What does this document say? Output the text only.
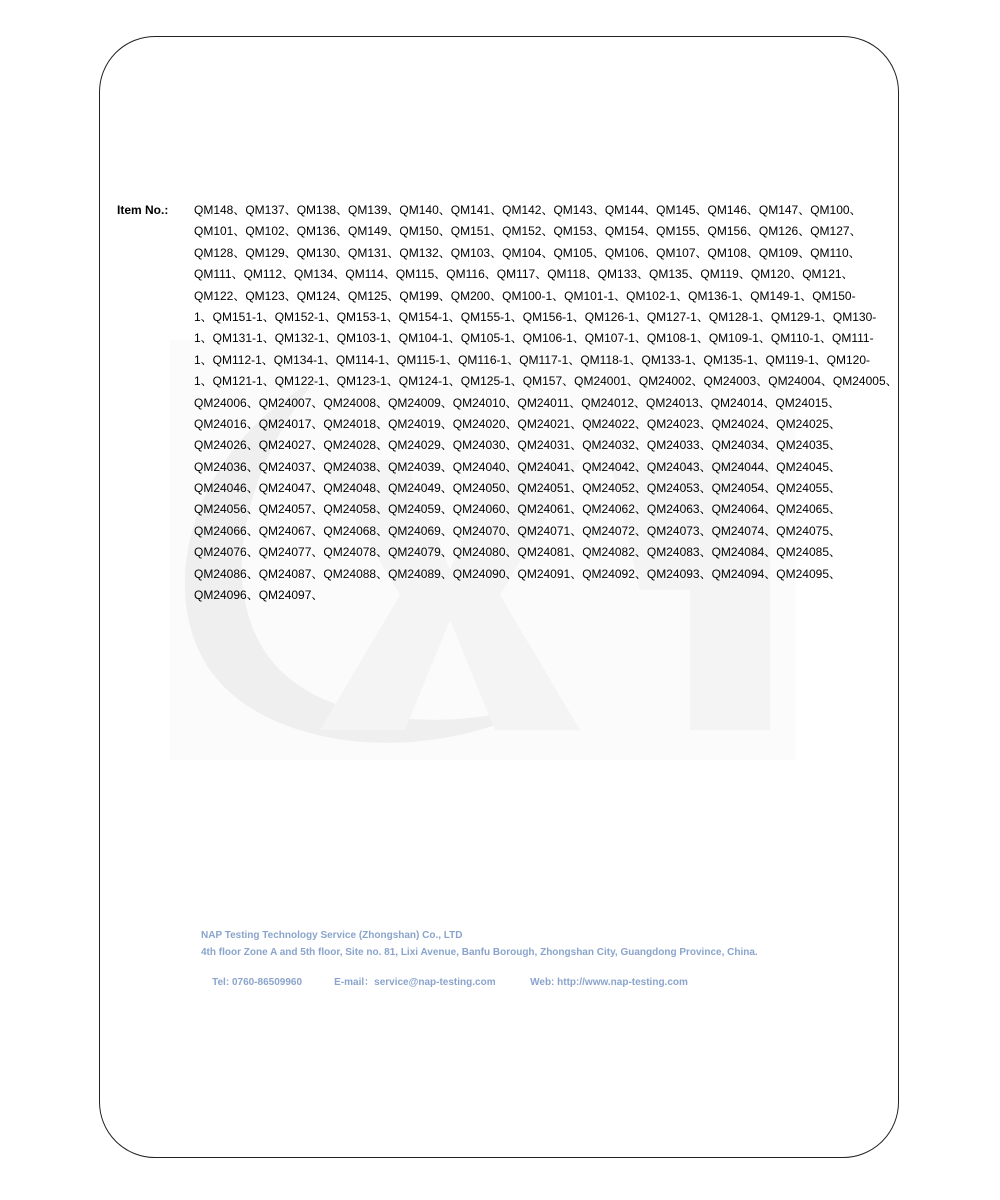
Item No.: QM148、QM137、QM138、QM139、QM140、QM141、QM142、QM143、QM144、QM145、QM146、QM147、QM100、
QM101、QM102、QM136、QM149、QM150、QM151、QM152、QM153、QM154、QM155、QM156、QM126、QM127、
QM128、QM129、QM130、QM131、QM132、QM103、QM104、QM105、QM106、QM107、QM108、QM109、QM110、
QM111、QM112、QM134、QM114、QM115、QM116、QM117、QM118、QM133、QM135、QM119、QM120、QM121、
QM122、QM123、QM124、QM125、QM199、QM200、QM100-1、QM101-1、QM102-1、QM136-1、QM149-1、QM150-
1、QM151-1、QM152-1、QM153-1、QM154-1、QM155-1、QM156-1、QM126-1、QM127-1、QM128-1、QM129-1、QM130-
1、QM131-1、QM132-1、QM103-1、QM104-1、QM105-1、QM106-1、QM107-1、QM108-1、QM109-1、QM110-1、QM111-
1、QM112-1、QM134-1、QM114-1、QM115-1、QM116-1、QM117-1、QM118-1、QM133-1、QM135-1、QM119-1、QM120-
1、QM121-1、QM122-1、QM123-1、QM124-1、QM125-1、QM157、QM24001、QM24002、QM24003、QM24004、QM24005、
QM24006、QM24007、QM24008、QM24009、QM24010、QM24011、QM24012、QM24013、QM24014、QM24015、
QM24016、QM24017、QM24018、QM24019、QM24020、QM24021、QM24022、QM24023、QM24024、QM24025、
QM24026、QM24027、QM24028、QM24029、QM24030、QM24031、QM24032、QM24033、QM24034、QM24035、
QM24036、QM24037、QM24038、QM24039、QM24040、QM24041、QM24042、QM24043、QM24044、QM24045、
QM24046、QM24047、QM24048、QM24049、QM24050、QM24051、QM24052、QM24053、QM24054、QM24055、
QM24056、QM24057、QM24058、QM24059、QM24060、QM24061、QM24062、QM24063、QM24064、QM24065、
QM24066、QM24067、QM24068、QM24069、QM24070、QM24071、QM24072、QM24073、QM24074、QM24075、
QM24076、QM24077、QM24078、QM24079、QM24080、QM24081、QM24082、QM24083、QM24084、QM24085、
QM24086、QM24087、QM24088、QM24089、QM24090、QM24091、QM24092、QM24093、QM24094、QM24095、
QM24096、QM24097、
NAP Testing Technology Service (Zhongshan) Co., LTD
4th floor Zone A and 5th floor, Site no. 81, Lixi Avenue, Banfu Borough, Zhongshan City, Guangdong Province, China.

Tel: 0760-86509960	E-mail：service@nap-testing.com	Web: http://www.nap-testing.com
